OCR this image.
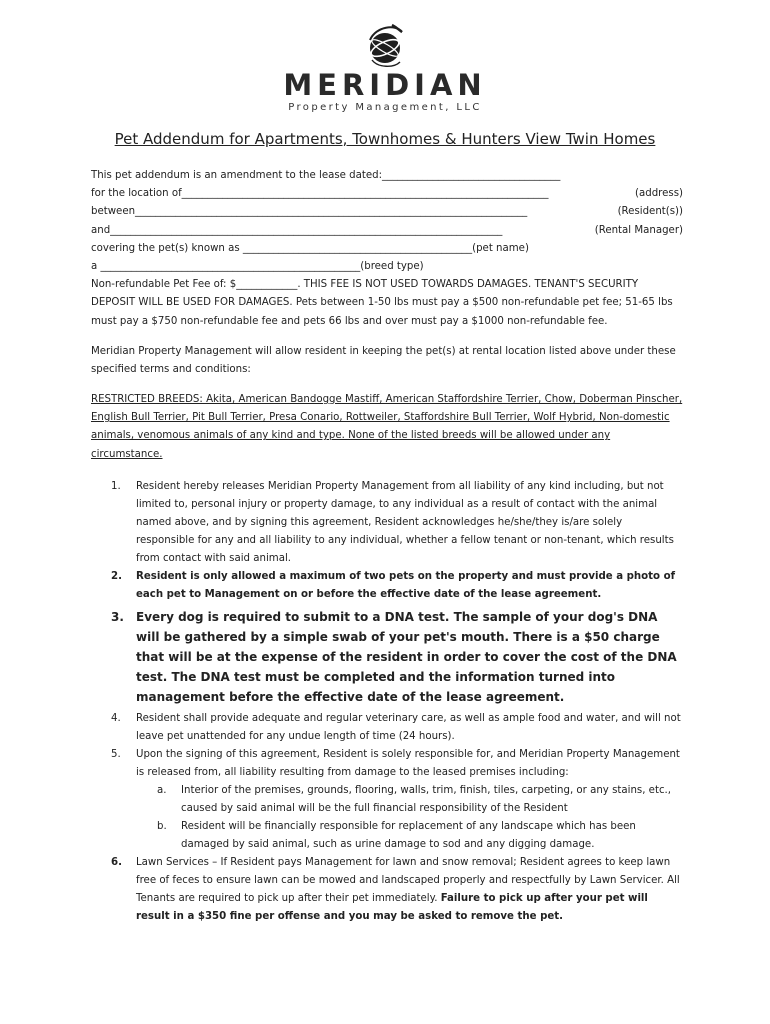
MERIDIAN
Property Management, LLC
Pet Addendum for Apartments, Townhomes & Hunters View Twin Homes
This pet addendum is an amendment to the lease dated:___________________________________
for the location of________________________________________________________________________	(address)
between_____________________________________________________________________________	(Resident(s))
and_____________________________________________________________________________	(Rental Manager)
covering the pet(s) known as _____________________________________________(pet name)
a ___________________________________________________(breed type)
Non-refundable Pet Fee of: $____________. THIS FEE IS NOT USED TOWARDS DAMAGES. TENANT'S SECURITY
DEPOSIT WILL BE USED FOR DAMAGES. Pets between 1-50 lbs must pay a $500 non-refundable pet fee; 51-65 lbs
must pay a $750 non-refundable fee and pets 66 lbs and over must pay a $1000 non-refundable fee.
Meridian Property Management will allow resident in keeping the pet(s) at rental location listed above under these specified terms and conditions:
RESTRICTED BREEDS: Akita, American Bandogge Mastiff, American Staffordshire Terrier, Chow, Doberman Pinscher, English Bull Terrier, Pit Bull Terrier, Presa Conario, Rottweiler, Staffordshire Bull Terrier, Wolf Hybrid, Non-domestic animals, venomous animals of any kind and type. None of the listed breeds will be allowed under any circumstance.
1. Resident hereby releases Meridian Property Management from all liability of any kind including, but not limited to, personal injury or property damage, to any individual as a result of contact with the animal named above, and by signing this agreement, Resident acknowledges he/she/they is/are solely responsible for any and all liability to any individual, whether a fellow tenant or non-tenant, which results from contact with said animal.
2. Resident is only allowed a maximum of two pets on the property and must provide a photo of each pet to Management on or before the effective date of the lease agreement.
3. Every dog is required to submit to a DNA test. The sample of your dog's DNA will be gathered by a simple swab of your pet's mouth. There is a $50 charge that will be at the expense of the resident in order to cover the cost of the DNA test. The DNA test must be completed and the information turned into management before the effective date of the lease agreement.
4. Resident shall provide adequate and regular veterinary care, as well as ample food and water, and will not leave pet unattended for any undue length of time (24 hours).
5. Upon the signing of this agreement, Resident is solely responsible for, and Meridian Property Management is released from, all liability resulting from damage to the leased premises including:
a. Interior of the premises, grounds, flooring, walls, trim, finish, tiles, carpeting, or any stains, etc., caused by said animal will be the full financial responsibility of the Resident
b. Resident will be financially responsible for replacement of any landscape which has been damaged by said animal, such as urine damage to sod and any digging damage.
6. Lawn Services – If Resident pays Management for lawn and snow removal; Resident agrees to keep lawn free of feces to ensure lawn can be mowed and landscaped properly and respectfully by Lawn Servicer. All Tenants are required to pick up after their pet immediately. Failure to pick up after your pet will result in a $350 fine per offense and you may be asked to remove the pet.
